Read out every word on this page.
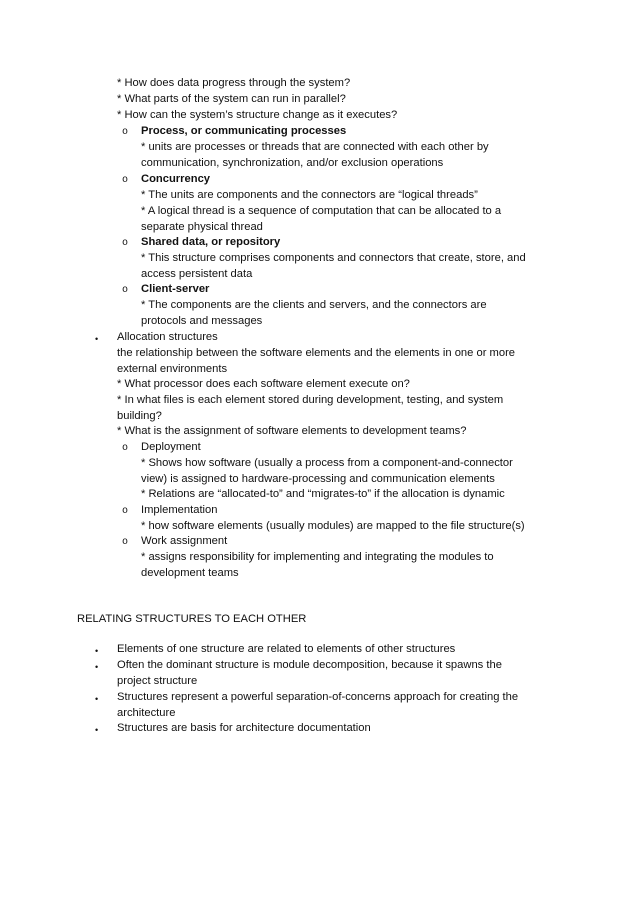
* How does data progress through the system?
* What parts of the system can run in parallel?
* How can the system’s structure change as it executes?
o Process, or communicating processes
* units are processes or threads that are connected with each other by
communication, synchronization, and/or exclusion operations
o Concurrency
* The units are components and the connectors are “logical threads”
* A logical thread is a sequence of computation that can be allocated to a
separate physical thread
o Shared data, or repository
* This structure comprises components and connectors that create, store, and
access persistent data
o Client-server
* The components are the clients and servers, and the connectors are
protocols and messages
• Allocation structures
the relationship between the software elements and the elements in one or more
external environments
* What processor does each software element execute on?
* In what files is each element stored during development, testing, and system
building?
* What is the assignment of software elements to development teams?
o Deployment
* Shows how software (usually a process from a component-and-connector
view) is assigned to hardware-processing and communication elements
* Relations are “allocated-to” and “migrates-to” if the allocation is dynamic
o Implementation
* how software elements (usually modules) are mapped to the file structure(s)
o Work assignment
* assigns responsibility for implementing and integrating the modules to
development teams
RELATING STRUCTURES TO EACH OTHER
• Elements of one structure are related to elements of other structures
• Often the dominant structure is module decomposition, because it spawns the
project structure
• Structures represent a powerful separation-of-concerns approach for creating the
architecture
• Structures are basis for architecture documentation
